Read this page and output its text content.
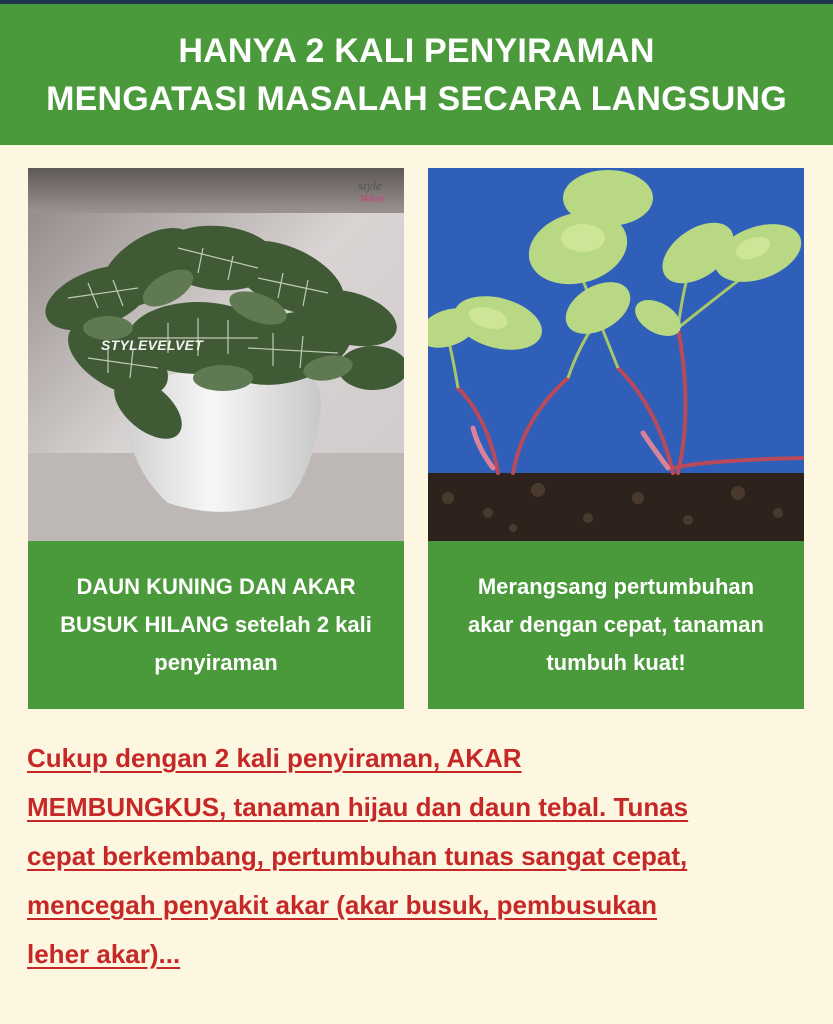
HANYA 2 KALI PENYIRAMAN
MENGATASI MASALAH SECARA LANGSUNG
STYLEVELVET
style
Velvet
DAUN KUNING DAN AKAR
BUSUK HILANG setelah 2 kali
penyiraman
Merangsang pertumbuhan
akar dengan cepat, tanaman
tumbuh kuat!
Cukup dengan 2 kali penyiraman, AKAR
MEMBUNGKUS, tanaman hijau dan daun tebal. Tunas
cepat berkembang, pertumbuhan tunas sangat cepat,
mencegah penyakit akar (akar busuk, pembusukan
leher akar)...
